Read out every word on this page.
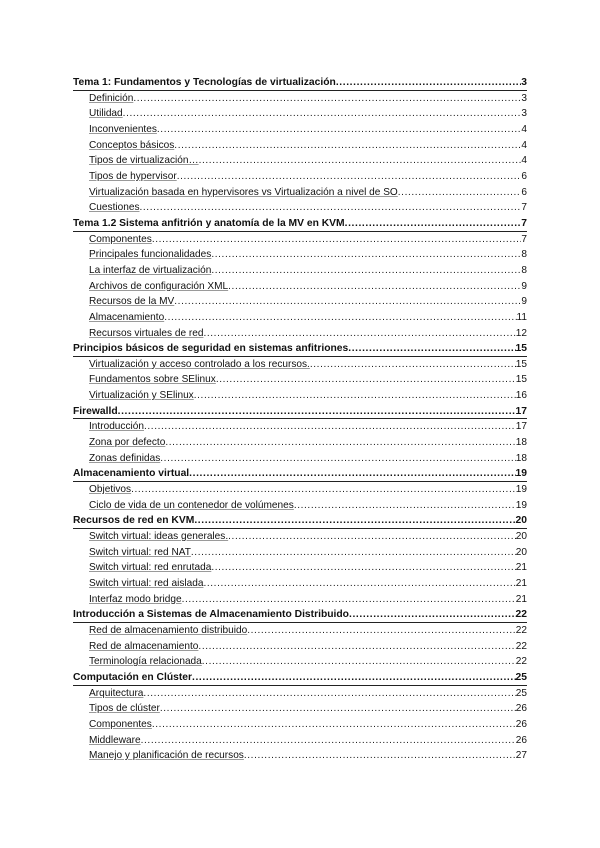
Tema 1: Fundamentos y Tecnologías de virtualización .....	3
Definición .....	3
Utilidad .....	3
Inconvenientes .....	4
Conceptos básicos .....	4
Tipos de virtualización… .....	4
Tipos de hypervisor .....	6
Virtualización basada en hypervisores vs Virtualización a nivel de SO .....	6
Cuestiones .....	7
Tema 1.2 Sistema anfitrión y anatomía de la MV en KVM .....	7
Componentes .....	7
Principales funcionalidades .....	8
La interfaz de virtualización .....	8
Archivos de configuración XML .....	9
Recursos de la MV .....	9
Almacenamiento .....	11
Recursos virtuales de red .....	12
Principios básicos de seguridad en sistemas anfitriones .....	15
Virtualización y acceso controlado a los recursos. .....	15
Fundamentos sobre SElinux .....	15
Virtualización y SElinux .....	16
Firewalld .....	17
Introducción .....	17
Zona por defecto .....	18
Zonas definidas .....	18
Almacenamiento virtual .....	19
Objetivos .....	19
Ciclo de vida de un contenedor de volúmenes .....	19
Recursos de red en KVM .....	20
Switch virtual: ideas generales. .....	20
Switch virtual: red NAT .....	20
Switch virtual: red enrutada .....	21
Switch virtual: red aislada .....	21
Interfaz modo bridge .....	21
Introducción a Sistemas de Almacenamiento Distribuido .....	22
Red de almacenamiento distribuido .....	22
Red de almacenamiento .....	22
Terminología relacionada .....	22
Computación en Clúster .....	25
Arquitectura .....	25
Tipos de clúster .....	26
Componentes .....	26
Middleware .....	26
Manejo y planificación de recursos .....	27
